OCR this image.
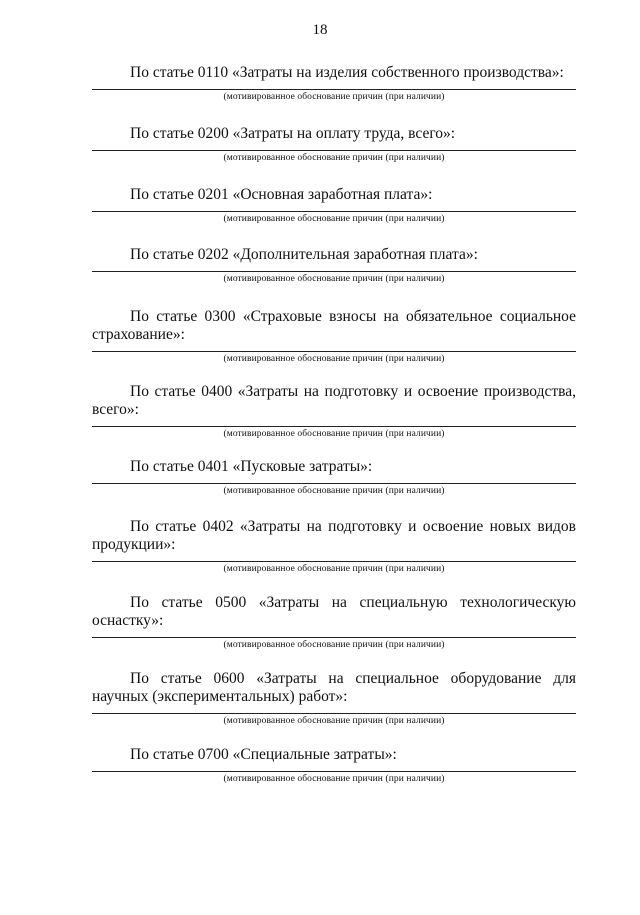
18
По статье 0110 «Затраты на изделия собственного производства»:
(мотивированное обоснование причин (при наличии)
По статье 0200 «Затраты на оплату труда, всего»:
(мотивированное обоснование причин (при наличии)
По статье 0201 «Основная заработная плата»:
(мотивированное обоснование причин (при наличии)
По статье 0202 «Дополнительная заработная плата»:
(мотивированное обоснование причин (при наличии)
По статье 0300 «Страховые взносы на обязательное социальное страхование»:
(мотивированное обоснование причин (при наличии)
По статье 0400 «Затраты на подготовку и освоение производства, всего»:
(мотивированное обоснование причин (при наличии)
По статье 0401 «Пусковые затраты»:
(мотивированное обоснование причин (при наличии)
По статье 0402 «Затраты на подготовку и освоение новых видов продукции»:
(мотивированное обоснование причин (при наличии)
По статье 0500 «Затраты на специальную технологическую оснастку»:
(мотивированное обоснование причин (при наличии)
По статье 0600 «Затраты на специальное оборудование для научных (экспериментальных) работ»:
(мотивированное обоснование причин (при наличии)
По статье 0700 «Специальные затраты»:
(мотивированное обоснование причин (при наличии)
